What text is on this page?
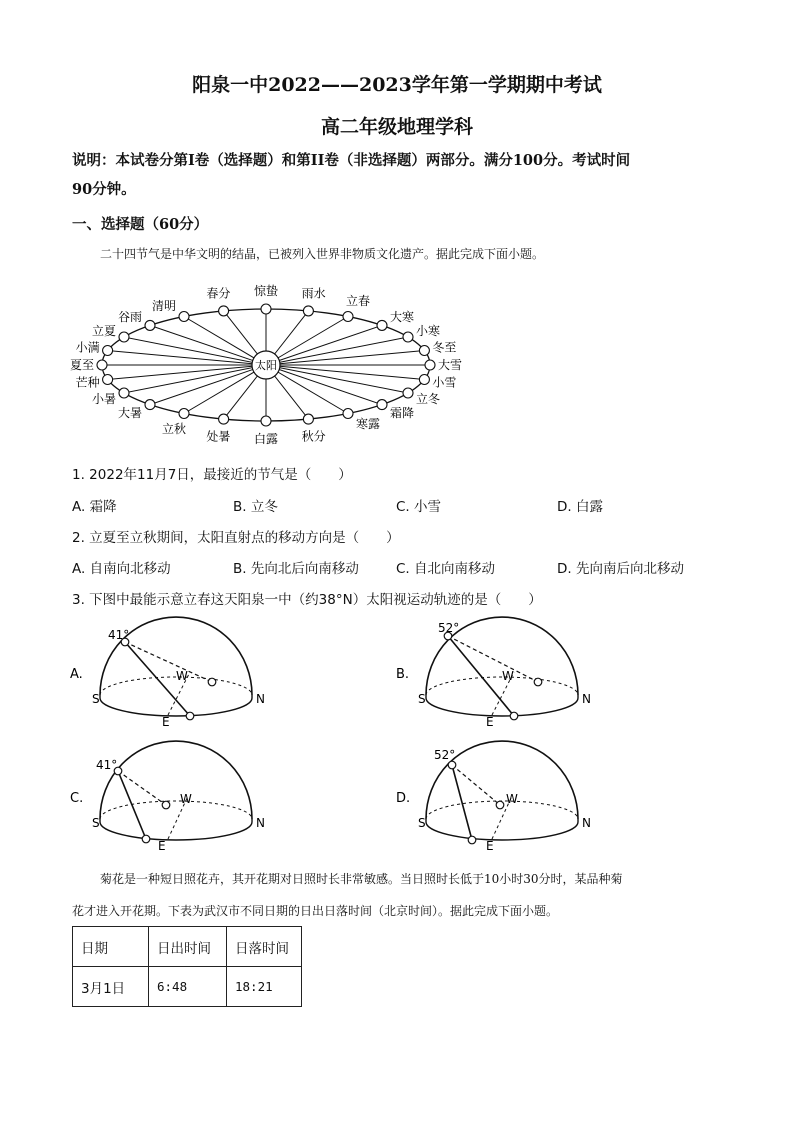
阳泉一中2022——2023学年第一学期期中考试
高二年级地理学科
说明：本试卷分第I卷（选择题）和第II卷（非选择题）两部分。满分100分。考试时间
90分钟。
一、选择题（60分）
二十四节气是中华文明的结晶，已被列入世界非物质文化遗产。据此完成下面小题。
夏至
小满
立夏
谷雨
清明
春分 惊蛰 雨水
立春
大寒
小寒
冬至
大雪
小雪
立冬
霜降
寒露
秋分
白露
处暑
立秋
大暑
小暑
芒种
太阳
1. 2022年11月7日，最接近的节气是（　　）
A. 霜降	B. 立冬	C. 小雪	D. 白露
2. 立夏至立秋期间，太阳直射点的移动方向是（　　）
A. 自南向北移动	B. 先向北后向南移动	C. 自北向南移动	D. 先向南后向北移动
3. 下图中最能示意立春这天阳泉一中（约38°N）太阳视运动轨迹的是（　　）
41°
A.
S	N
E
W
52°
B.
S	N
E
W
41°
C.
S	N
E
W
52°
D.
S	N
E
W
菊花是一种短日照花卉，其开花期对日照时长非常敏感。当日照时长低于10小时30分时，某品种菊
花才进入开花期。下表为武汉市不同日期的日出日落时间（北京时间）。据此完成下面小题。
日期	日出时间	日落时间
3月1日	6:48	18:21
